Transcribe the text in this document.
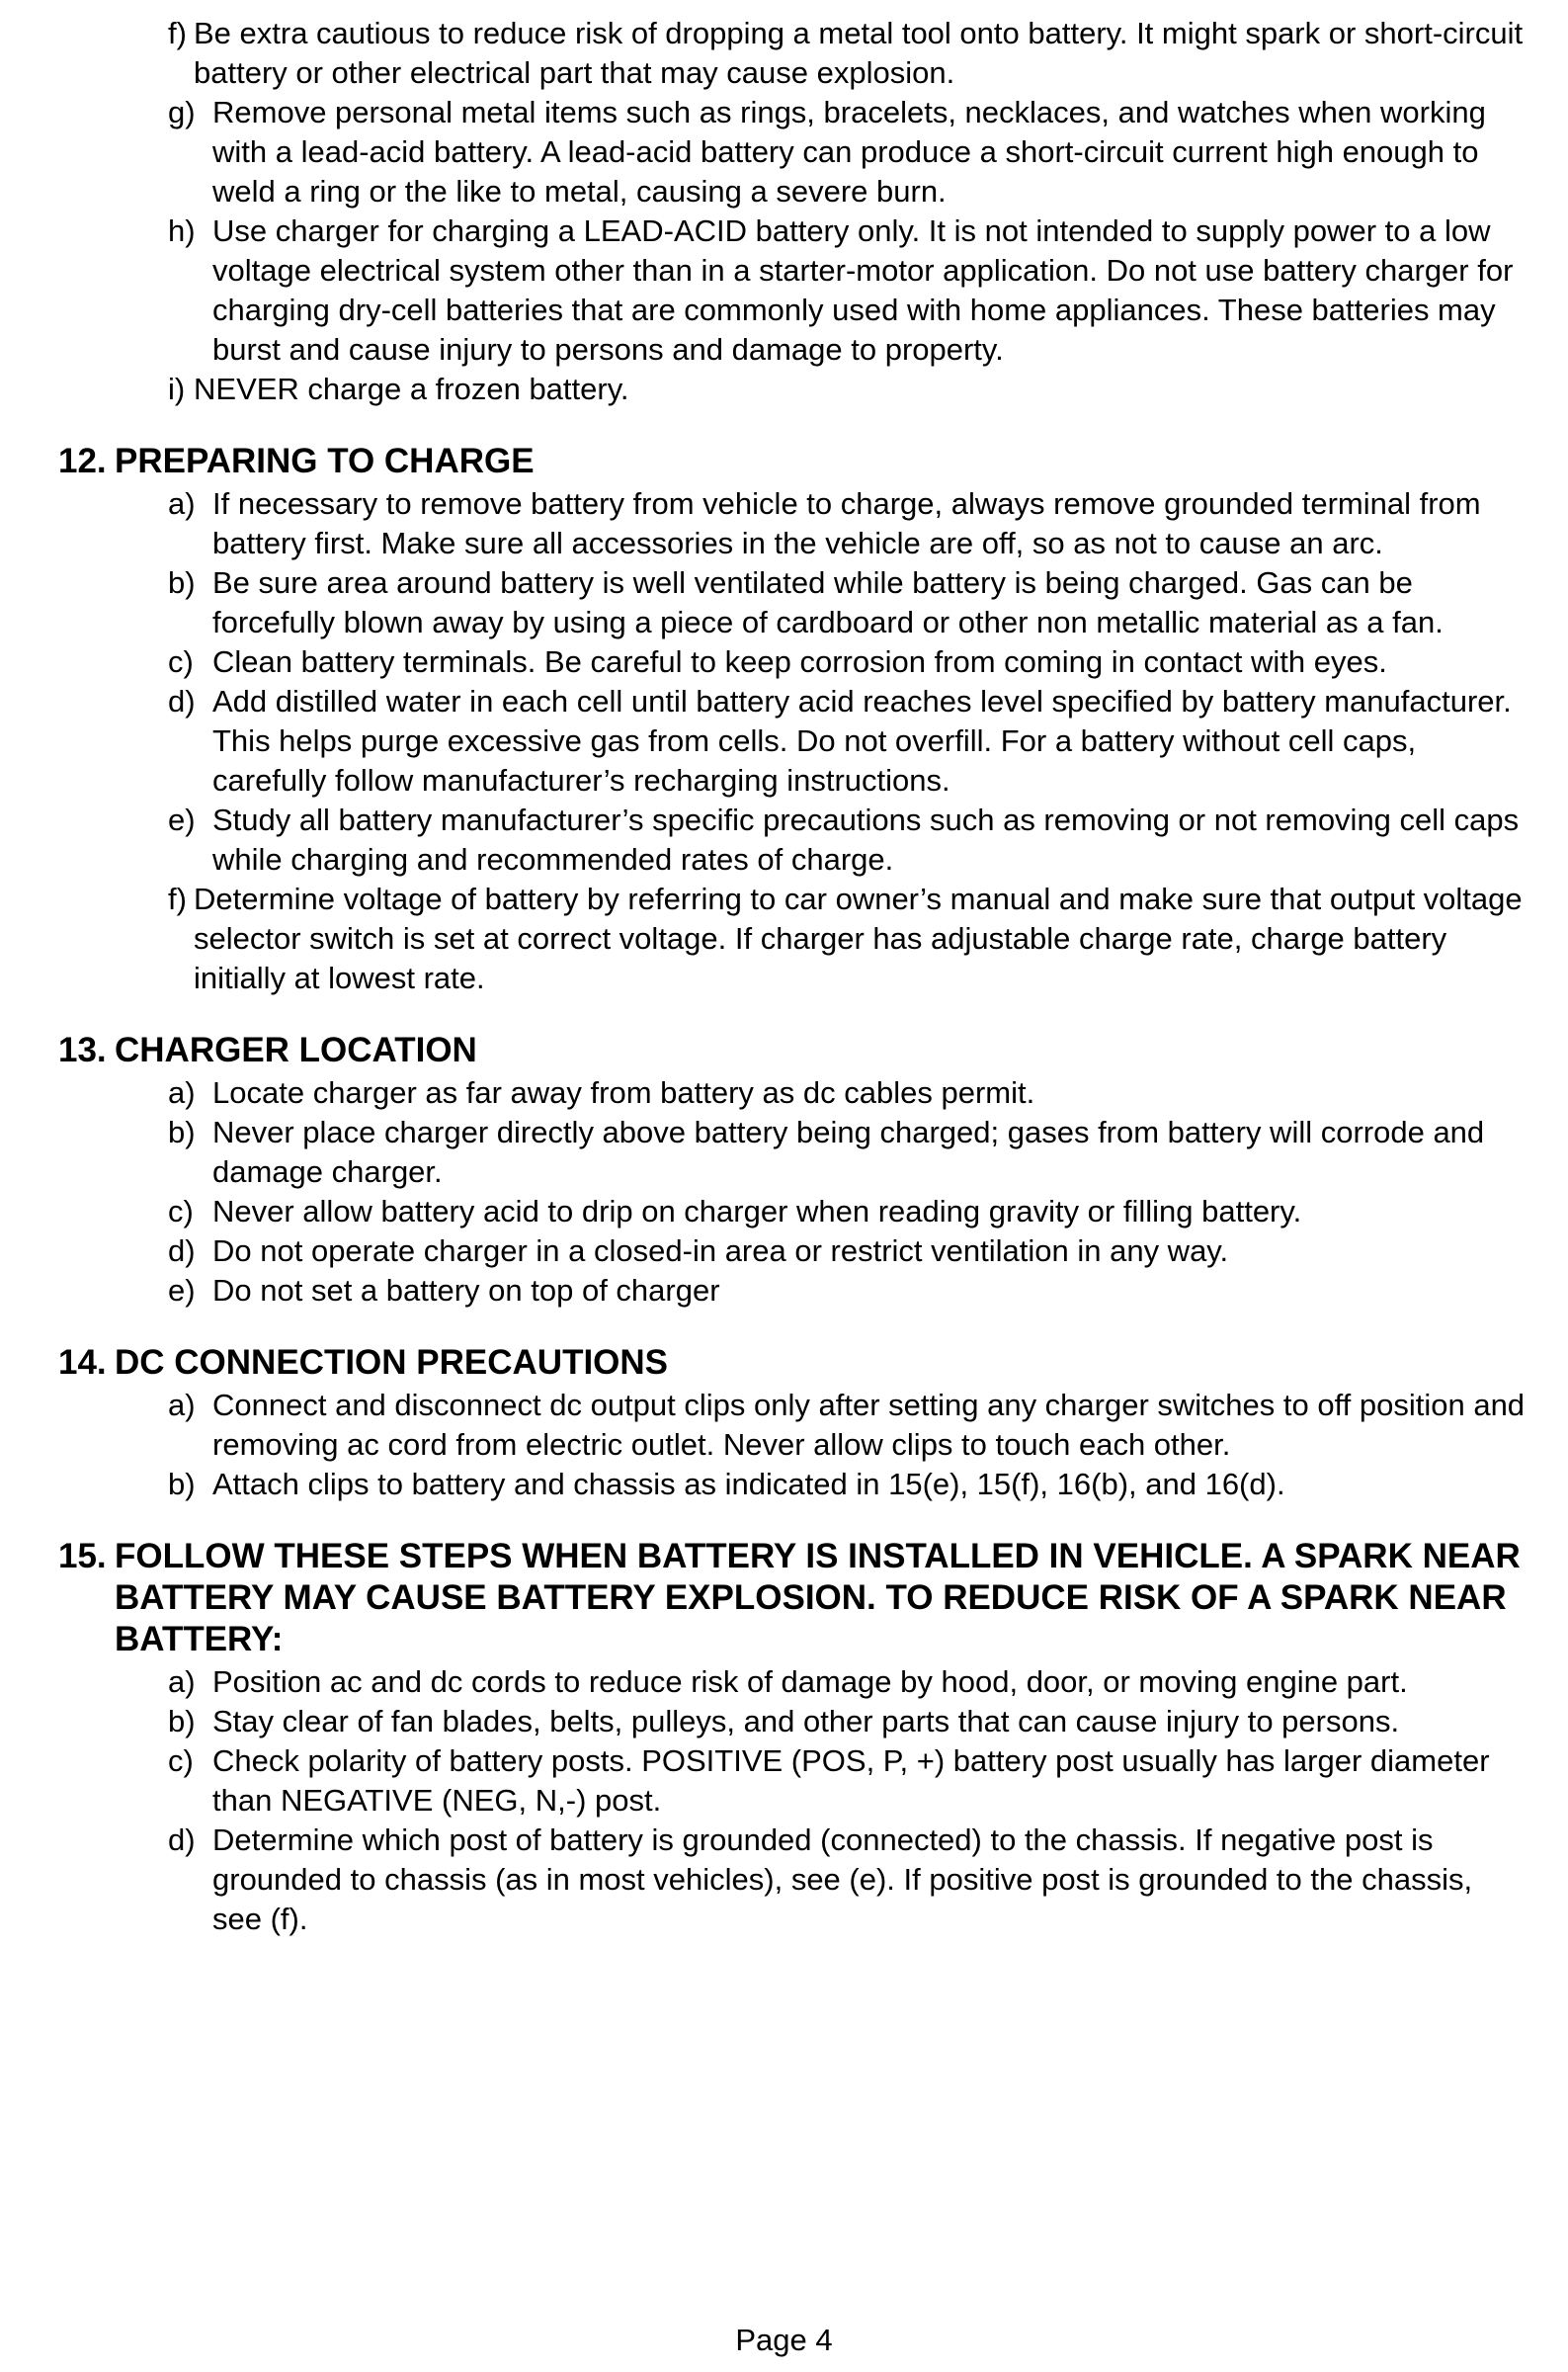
f) Be extra cautious to reduce risk of dropping a metal tool onto battery. It might spark or short-circuit battery or other electrical part that may cause explosion.
g) Remove personal metal items such as rings, bracelets, necklaces, and watches when working with a lead-acid battery. A lead-acid battery can produce a short-circuit current high enough to weld a ring or the like to metal, causing a severe burn.
h) Use charger for charging a LEAD-ACID battery only. It is not intended to supply power to a low voltage electrical system other than in a starter-motor application. Do not use battery charger for charging dry-cell batteries that are commonly used with home appliances. These batteries may burst and cause injury to persons and damage to property.
i) NEVER charge a frozen battery.
12. PREPARING TO CHARGE
a) If necessary to remove battery from vehicle to charge, always remove grounded terminal from battery first. Make sure all accessories in the vehicle are off, so as not to cause an arc.
b) Be sure area around battery is well ventilated while battery is being charged. Gas can be forcefully blown away by using a piece of cardboard or other non metallic material as a fan.
c) Clean battery terminals. Be careful to keep corrosion from coming in contact with eyes.
d) Add distilled water in each cell until battery acid reaches level specified by battery manufacturer. This helps purge excessive gas from cells. Do not overfill. For a battery without cell caps, carefully follow manufacturer’s recharging instructions.
e) Study all battery manufacturer’s specific precautions such as removing or not removing cell caps while charging and recommended rates of charge.
f) Determine voltage of battery by referring to car owner’s manual and make sure that output voltage selector switch is set at correct voltage. If charger has adjustable charge rate, charge battery initially at lowest rate.
13. CHARGER LOCATION
a) Locate charger as far away from battery as dc cables permit.
b) Never place charger directly above battery being charged; gases from battery will corrode and damage charger.
c) Never allow battery acid to drip on charger when reading gravity or filling battery.
d) Do not operate charger in a closed-in area or restrict ventilation in any way.
e) Do not set a battery on top of charger
14. DC CONNECTION PRECAUTIONS
a) Connect and disconnect dc output clips only after setting any charger switches to off position and removing ac cord from electric outlet. Never allow clips to touch each other.
b) Attach clips to battery and chassis as indicated in 15(e), 15(f), 16(b), and 16(d).
15. FOLLOW THESE STEPS WHEN BATTERY IS INSTALLED IN VEHICLE. A SPARK NEAR BATTERY MAY CAUSE BATTERY EXPLOSION. TO REDUCE RISK OF A SPARK NEAR BATTERY:
a) Position ac and dc cords to reduce risk of damage by hood, door, or moving engine part.
b) Stay clear of fan blades, belts, pulleys, and other parts that can cause injury to persons.
c) Check polarity of battery posts. POSITIVE (POS, P, +) battery post usually has larger diameter than NEGATIVE (NEG, N,-) post.
d) Determine which post of battery is grounded (connected) to the chassis. If negative post is grounded to chassis (as in most vehicles), see (e). If positive post is grounded to the chassis, see (f).
Page 4
